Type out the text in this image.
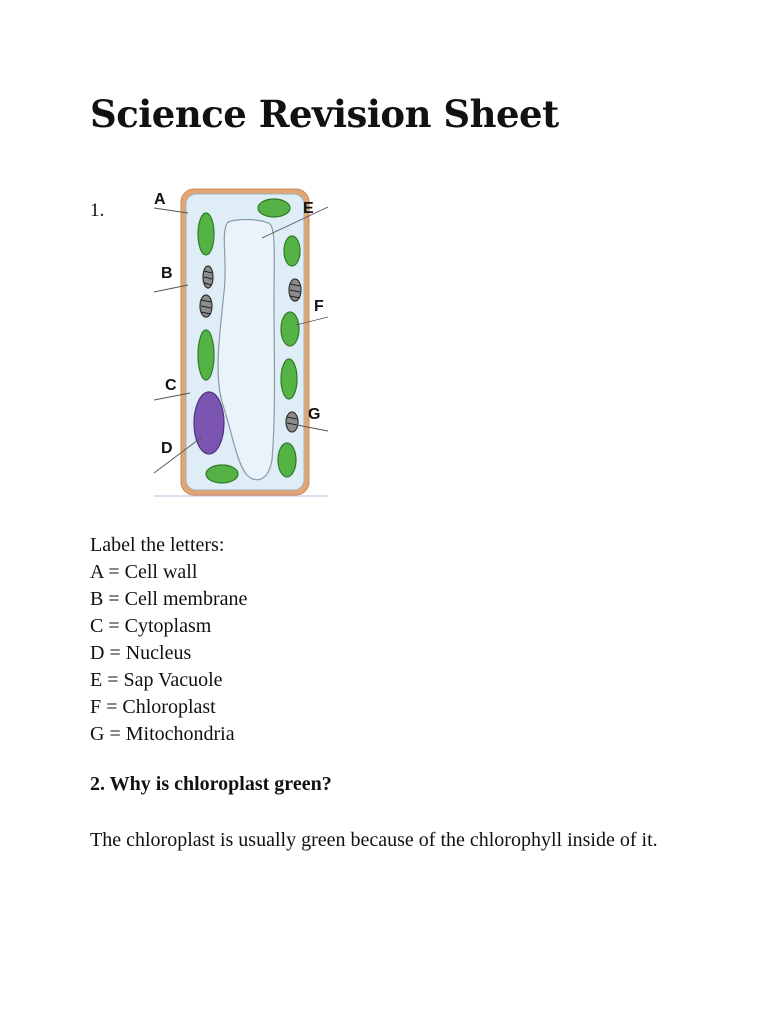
Science Revision Sheet
1.
A
B
C
D
E
F
G
Label the letters:
A = Cell wall
B = Cell membrane
C = Cytoplasm
D = Nucleus
E = Sap Vacuole
F = Chloroplast
G = Mitochondria
2. Why is chloroplast green?

The chloroplast is usually green because of the chlorophyll inside of it.
